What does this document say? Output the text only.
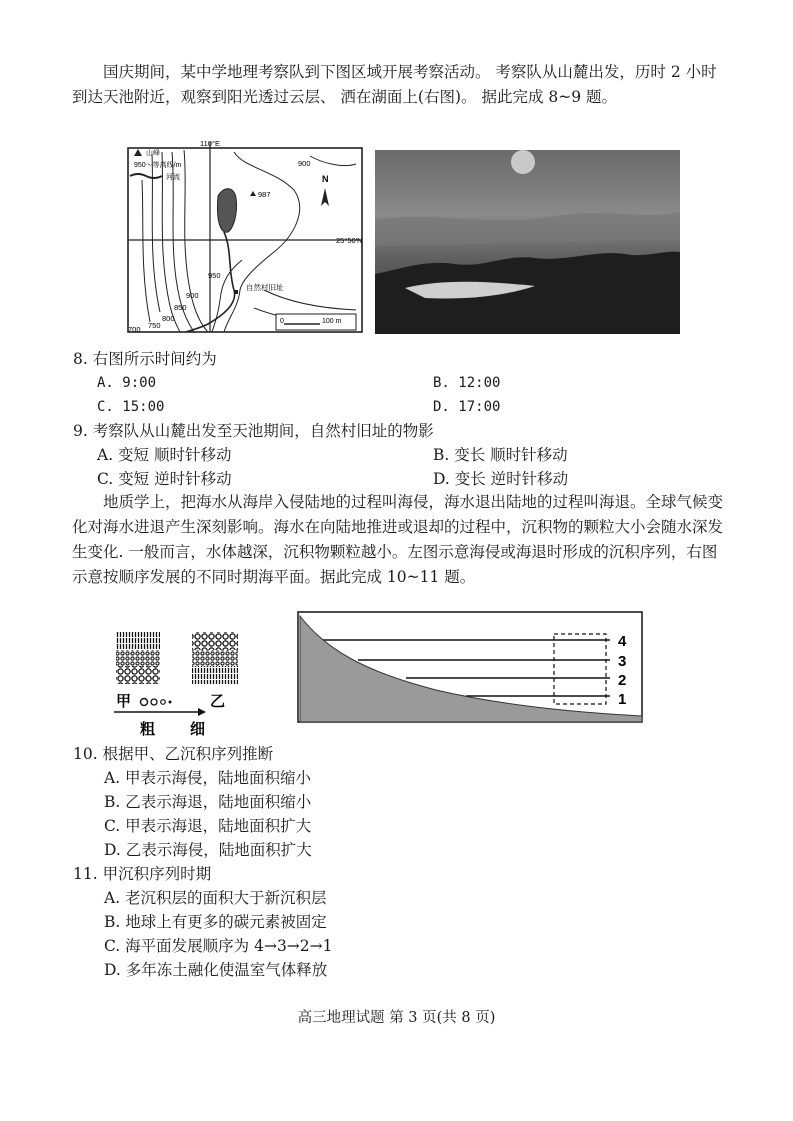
国庆期间，某中学地理考察队到下图区域开展考察活动。 考察队从山麓出发，历时 2 小时到达天池附近，观察到阳光透过云层、 洒在湖面上(右图)。 据此完成 8~9 题。

山峰
950～等高线/m
河流
110°E
25°50′N
N
987
900
950
900
850
800
750
700
自然村旧址
0	100 m
8. 右图所示时间约为
A. 9:00	B. 12:00
C. 15:00	D. 17:00
9. 考察队从山麓出发至天池期间，自然村旧址的物影
A. 变短 顺时针移动	B. 变长 顺时针移动
C. 变短 逆时针移动	D. 变长 逆时针移动

地质学上，把海水从海岸入侵陆地的过程叫海侵，海水退出陆地的过程叫海退。全球气候变化对海水进退产生深刻影响。海水在向陆地推进或退却的过程中，沉积物的颗粒大小会随水深发生变化. 一般而言，水体越深，沉积物颗粒越小。左图示意海侵或海退时形成的沉积序列，右图示意按顺序发展的不同时期海平面。据此完成 10~11 题。

甲	乙
粗 细
4
3
2
1
10. 根据甲、乙沉积序列推断
A. 甲表示海侵，陆地面积缩小
B. 乙表示海退，陆地面积缩小
C. 甲表示海退，陆地面积扩大
D. 乙表示海侵，陆地面积扩大
11. 甲沉积序列时期
A. 老沉积层的面积大于新沉积层
B. 地球上有更多的碳元素被固定
C. 海平面发展顺序为 4→3→2→1
D. 多年冻土融化使温室气体释放
高三地理试题 第 3 页(共 8 页)
